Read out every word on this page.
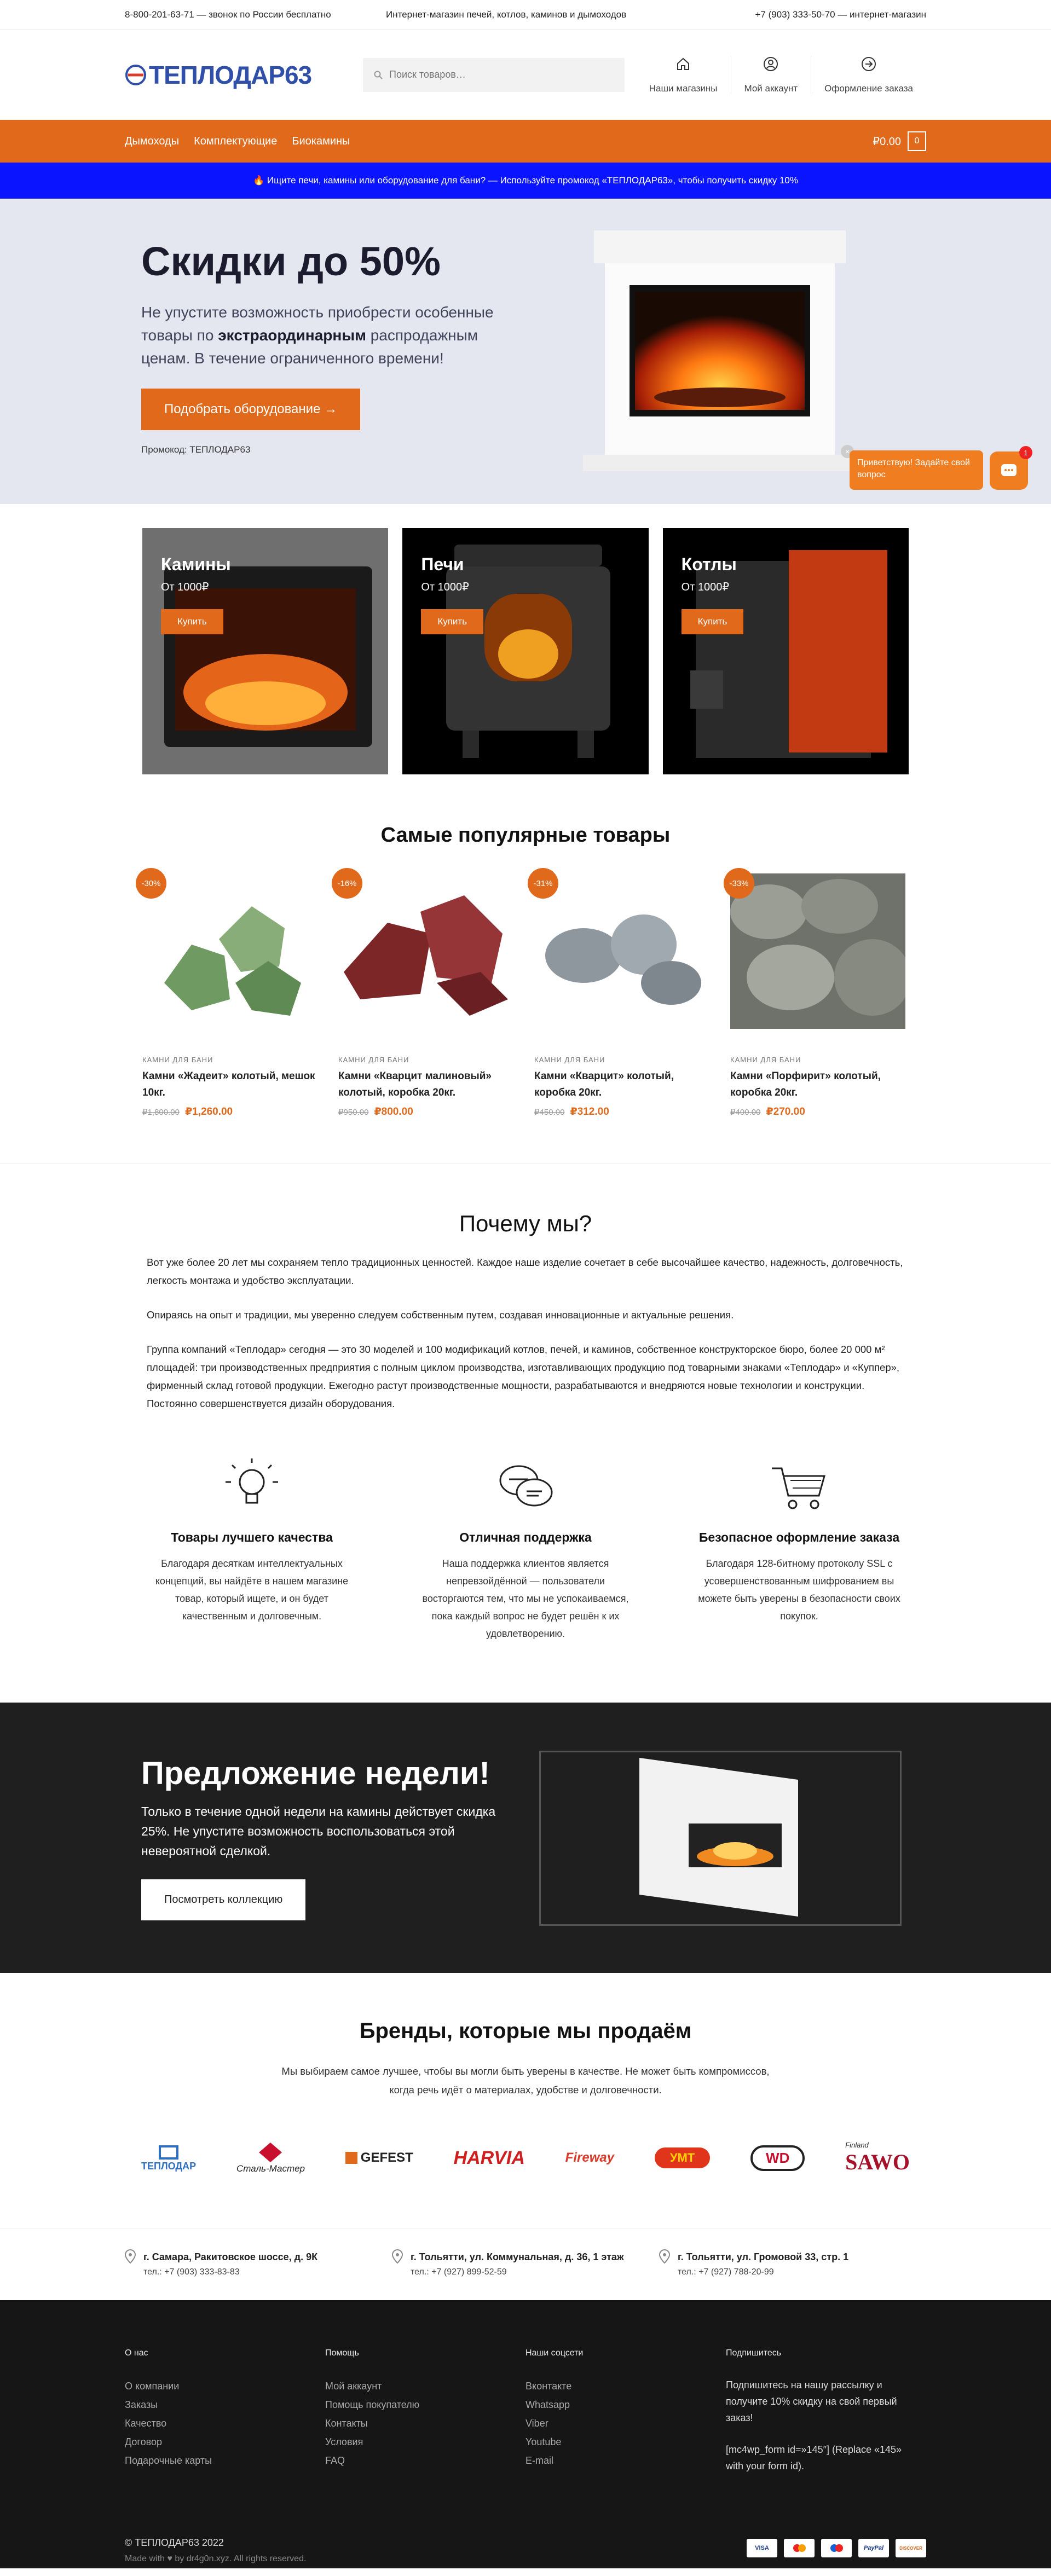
8-800-201-63-71 — звонок по России бесплатно	Интернет-магазин печей, котлов, каминов и дымоходов	+7 (903) 333-50-70 — интернет-магазин
ТЕПЛОДАР63
Поиск товаров…	Наши магазины	Мой аккаунт	Оформление заказа
Дымоходы Комплектующие Биокамины	₽0.00	0
🔥 Ищите печи, камины или оборудование для бани? — Используйте промокод «ТЕПЛОДАР63», чтобы получить скидку 10%
Скидки до 50%

Не упустите возможность приобрести особенные товары по экстраординарным распродажным ценам. В течение ограниченного времени!

Подобрать оборудование →
Промокод: ТЕПЛОДАР63	×
Приветствую! Задайте свой вопрос
1
Камины
От 1000₽
Купить
Печи
От 1000₽
Купить
Котлы
От 1000₽
Купить
Самые популярные товары
-30%
КАМНИ ДЛЯ БАНИ
Камни «Жадеит» колотый, мешок 10кг.
₽1,800.00 ₽1,260.00
-16%
КАМНИ ДЛЯ БАНИ
Камни «Кварцит малиновый» колотый, коробка 20кг.
₽950.00 ₽800.00
-31%
КАМНИ ДЛЯ БАНИ
Камни «Кварцит» колотый, коробка 20кг.
₽450.00 ₽312.00
-33%
КАМНИ ДЛЯ БАНИ
Камни «Порфирит» колотый, коробка 20кг.
₽400.00 ₽270.00
Почему мы?

Вот уже более 20 лет мы сохраняем тепло традиционных ценностей. Каждое наше изделие сочетает в себе высочайшее качество, надежность, долговечность, легкость монтажа и удобство эксплуатации.

Опираясь на опыт и традиции, мы уверенно следуем собственным путем, создавая инновационные и актуальные решения.

Группа компаний «Теплодар» сегодня — это 30 моделей и 100 модификаций котлов, печей, и каминов, собственное конструкторское бюро, более 20 000 м² площадей: три производственных предприятия с полным циклом производства, изготавливающих продукцию под товарными знаками «Теплодар» и «Куппер», фирменный склад готовой продукции. Ежегодно растут производственные мощности, разрабатываются и внедряются новые технологии и конструкции. Постоянно совершенствуется дизайн оборудования.

Товары лучшего качества

Благодаря десяткам интеллектуальных концепций, вы найдёте в нашем магазине товар, который ищете, и он будет качественным и долговечным.

Отличная поддержка

Наша поддержка клиентов является непревзойдённой — пользователи восторгаются тем, что мы не успокаиваемся, пока каждый вопрос не будет решён к их удовлетворению.

Безопасное оформление заказа

Благодаря 128-битному протоколу SSL с усовершенствованным шифрованием вы можете быть уверены в безопасности своих покупок.

Предложение недели!

Только в течение одной недели на камины действует скидка 25%. Не упустите возможность воспользоваться этой невероятной сделкой.

Посмотреть коллекцию
Бренды, которые мы продаём

Мы выбираем самое лучшее, чтобы вы могли быть уверены в качестве. Не может быть компромиссов, когда речь идёт о материалах, удобстве и долговечности.

ТЕПЛОДАР	Сталь-Мастер
GEFEST HARVIA	Fireway	УМТ	WD
Finland
SAWO
г. Самара, Ракитовское шоссе, д. 9К
тел.: +7 (903) 333-83-83
г. Тольятти, ул. Коммунальная, д. 36, 1 этаж
тел.: +7 (927) 899-52-59
г. Тольятти, ул. Громовой 33, стр. 1
тел.: +7 (927) 788-20-99
О нас
О компании
Заказы
Качество
Договор
Подарочные карты
Помощь
Мой аккаунт
Помощь покупателю
Контакты
Условия
FAQ
Наши соцсети
Вконтакте
Whatsapp
Viber
Youtube
E-mail
Подпишитесь

Подпишитесь на нашу рассылку и получите 10% скидку на свой первый заказ!

[mc4wp_form id=»145″] (Replace «145» with your form id).

© ТЕПЛОДАР63 2022
Made with ♥ by dr4g0n.xyz. All rights reserved.
VISA	PayPal	DISCOVER
